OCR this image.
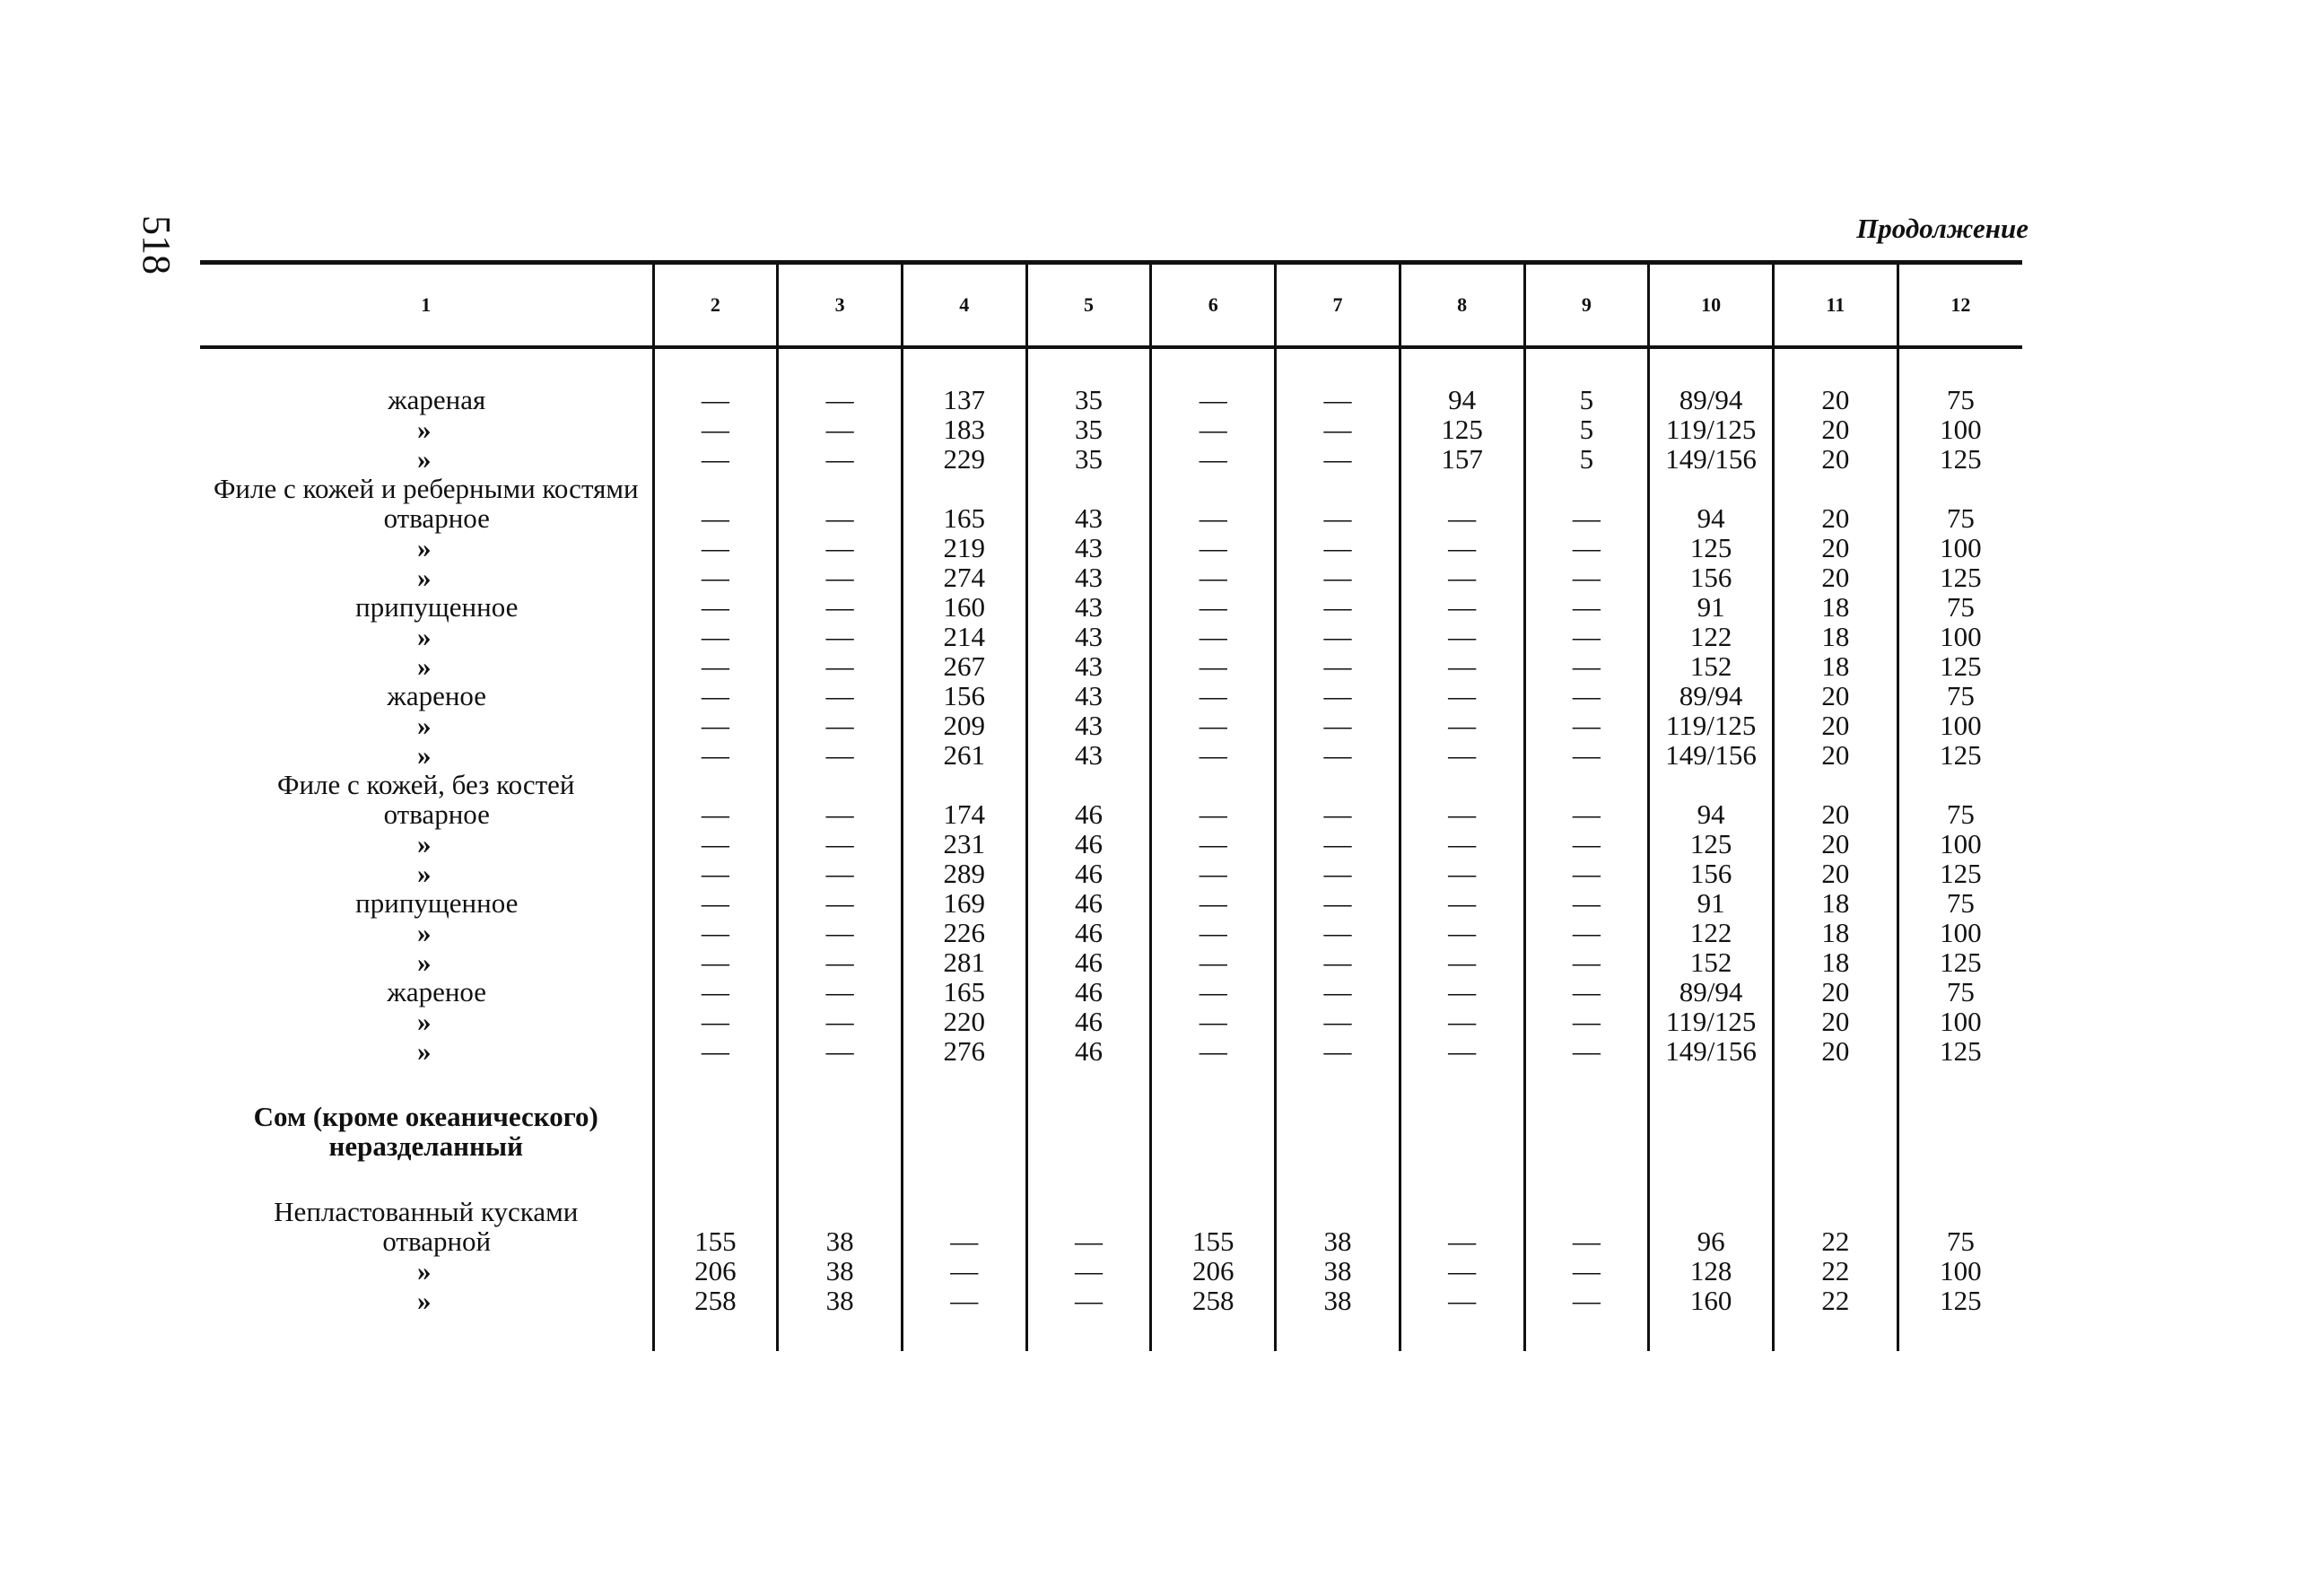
518	Продолжение
1	2	3	4	5	6	7	8	9	10	11	12

жареная	—	—	137	35	—	—	94	5	89/94	20	75
»	—	—	183	35	—	—	125	5	119/125	20	100
»	—	—	229	35	—	—	157	5	149/156	20	125
Филе с кожей и реберными костями											
отварное	—	—	165	43	—	—	—	—	94	20	75
»	—	—	219	43	—	—	—	—	125	20	100
»	—	—	274	43	—	—	—	—	156	20	125
припущенное	—	—	160	43	—	—	—	—	91	18	75
»	—	—	214	43	—	—	—	—	122	18	100
»	—	—	267	43	—	—	—	—	152	18	125
жареное	—	—	156	43	—	—	—	—	89/94	20	75
»	—	—	209	43	—	—	—	—	119/125	20	100
»	—	—	261	43	—	—	—	—	149/156	20	125
Филе с кожей, без костей											
отварное	—	—	174	46	—	—	—	—	94	20	75
»	—	—	231	46	—	—	—	—	125	20	100
»	—	—	289	46	—	—	—	—	156	20	125
припущенное	—	—	169	46	—	—	—	—	91	18	75
»	—	—	226	46	—	—	—	—	122	18	100
»	—	—	281	46	—	—	—	—	152	18	125
жареное	—	—	165	46	—	—	—	—	89/94	20	75
»	—	—	220	46	—	—	—	—	119/125	20	100
»	—	—	276	46	—	—	—	—	149/156	20	125

Сом (кроме океанического) неразделанный											

Непластованный кусками											
отварной	155	38	—	—	155	38	—	—	96	22	75
»	206	38	—	—	206	38	—	—	128	22	100
»	258	38	—	—	258	38	—	—	160	22	125
